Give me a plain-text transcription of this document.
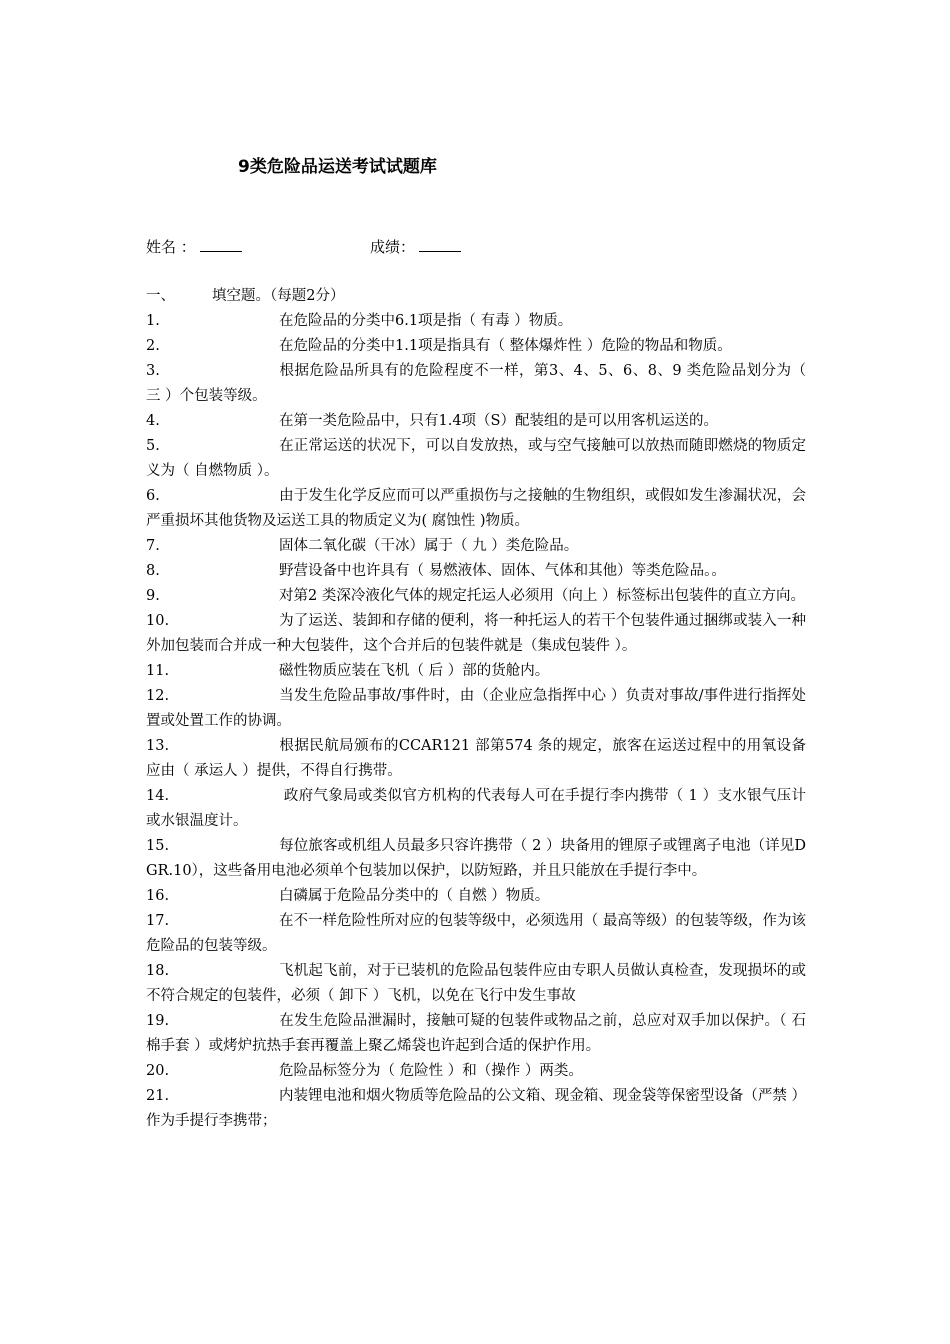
9类危险品运送考试试题库
姓名 ：	成绩：
一、	填空题。（每题2分）

1.	在危险品的分类中6.1项是指（ 有毒 ）物质。

2.	在危险品的分类中1.1项是指具有（ 整体爆炸性 ）危险的物品和物质。

3.	根据危险品所具有的危险程度不一样，第3、4、5、6、8、9 类危险品划分为（ 三 ）个包装等级。

4.	在第一类危险品中，只有1.4项（S）配装组的是可以用客机运送的。

5.	在正常运送的状况下，可以自发放热，或与空气接触可以放热而随即燃烧的物质定义为（ 自燃物质 ）。

6.	由于发生化学反应而可以严重损伤与之接触的生物组织，或假如发生渗漏状况，会严重损坏其他货物及运送工具的物质定义为( 腐蚀性 )物质。

7.	固体二氧化碳（干冰）属于（ 九 ）类危险品。

8.	野营设备中也许具有（ 易燃液体、固体、气体和其他）等类危险品。。

9.	对第2 类深冷液化气体的规定托运人必须用（向上 ）标签标出包装件的直立方向。

10.	为了运送、装卸和存储的便利，将一种托运人的若干个包装件通过捆绑或装入一种外加包装而合并成一种大包装件，这个合并后的包装件就是（集成包装件 ）。

11.	磁性物质应装在飞机（ 后 ）部的货舱内。

12.	当发生危险品事故/事件时，由（企业应急指挥中心 ）负责对事故/事件进行指挥处置或处置工作的协调。

13.	根据民航局颁布的CCAR121 部第574 条的规定，旅客在运送过程中的用氧设备应由（ 承运人 ）提供，不得自行携带。

14.	政府气象局或类似官方机构的代表每人可在手提行李内携带（ 1 ）支水银气压计或水银温度计。

15.	每位旅客或机组人员最多只容许携带（ 2 ）块备用的锂原子或锂离子电池（详见DGR.10），这些备用电池必须单个包装加以保护，以防短路，并且只能放在手提行李中。

16.	白磷属于危险品分类中的（ 自燃 ）物质。

17.	在不一样危险性所对应的包装等级中，必须选用（ 最高等级）的包装等级，作为该危险品的包装等级。

18.	飞机起飞前，对于已装机的危险品包装件应由专职人员做认真检查，发现损坏的或不符合规定的包装件，必须（ 卸下 ）飞机，以免在飞行中发生事故

19.	在发生危险品泄漏时，接触可疑的包装件或物品之前，总应对双手加以保护。（ 石棉手套 ）或烤炉抗热手套再覆盖上聚乙烯袋也许起到合适的保护作用。

20.	危险品标签分为（ 危险性 ）和（操作 ）两类。

21.	内装锂电池和烟火物质等危险品的公文箱、现金箱、现金袋等保密型设备（严禁 ）作为手提行李携带；
